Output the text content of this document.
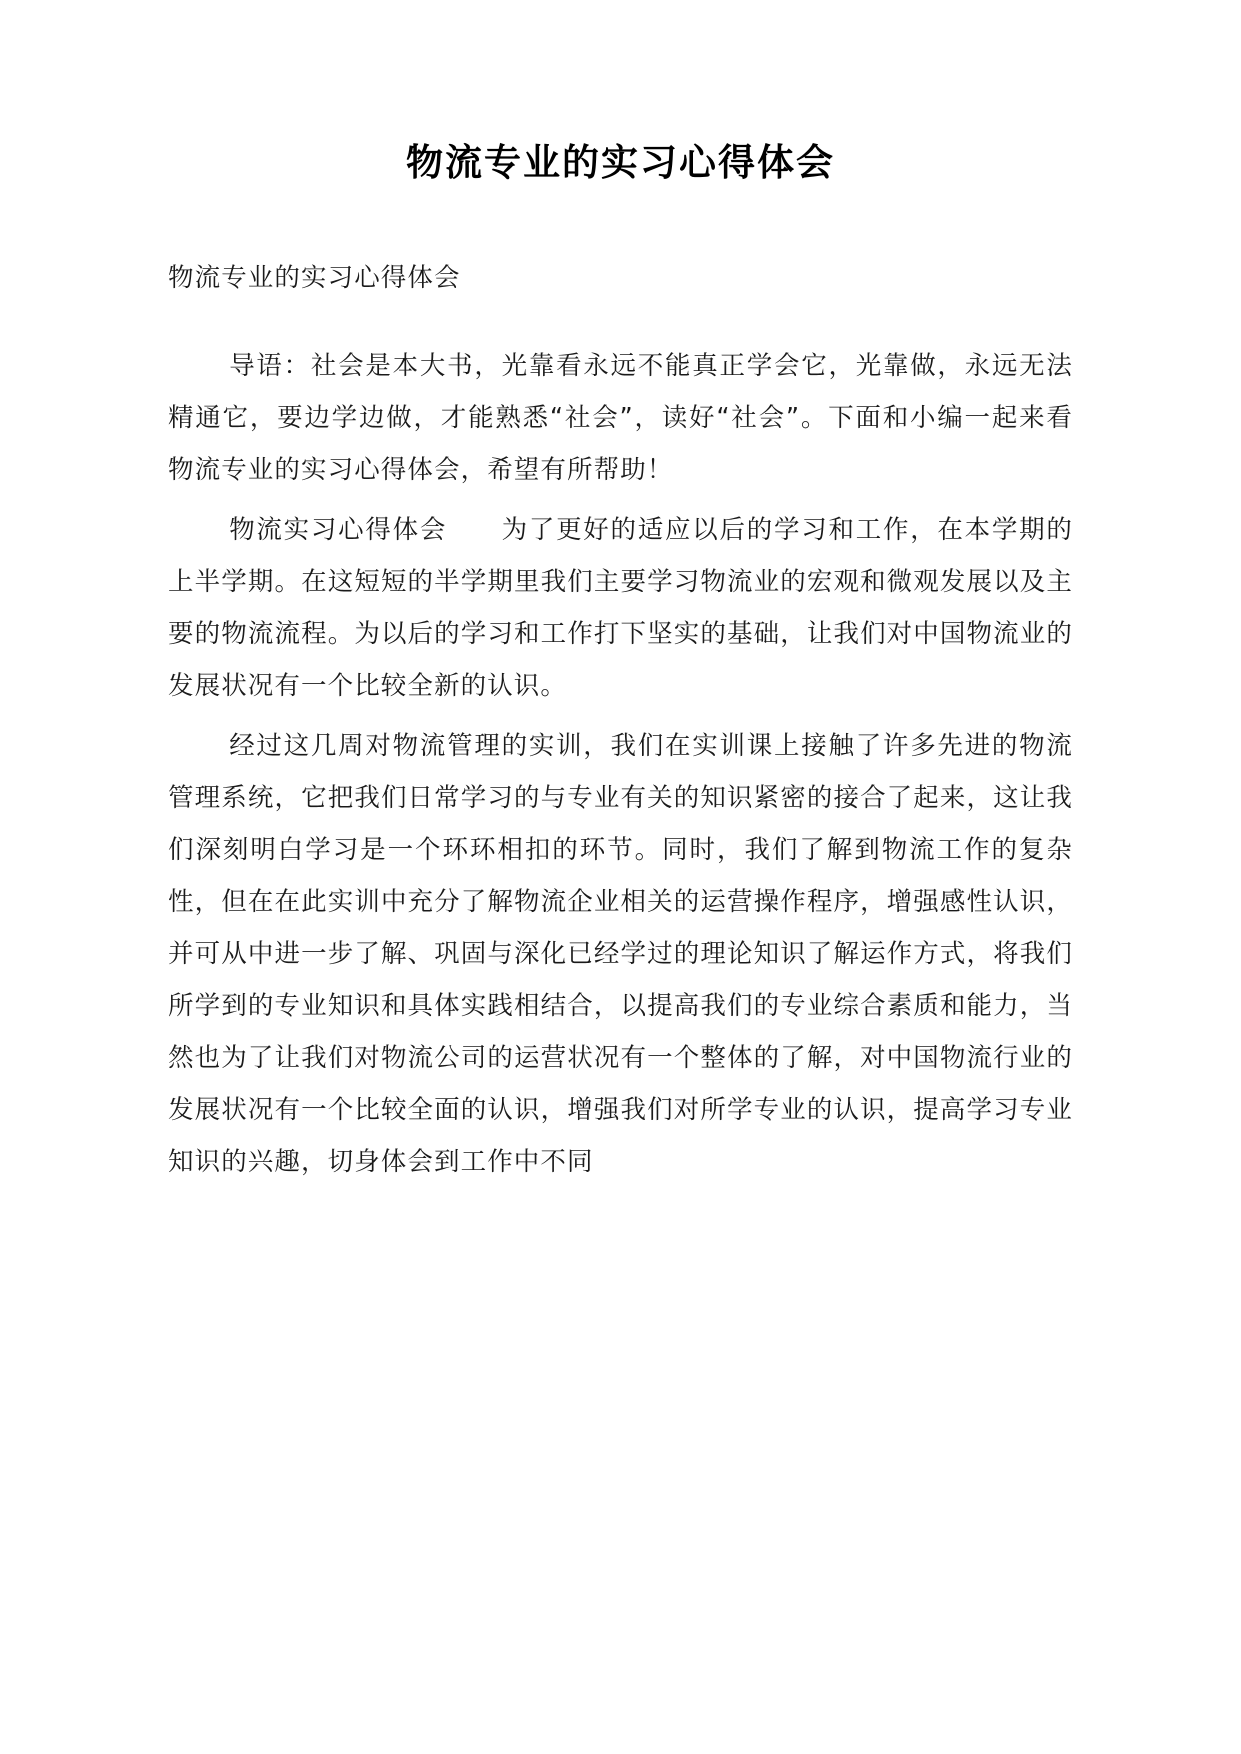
物流专业的实习心得体会

物流专业的实习心得体会

导语：社会是本大书，光靠看永远不能真正学会它，光靠做，永远无法精通它，要边学边做，才能熟悉“社会”，读好“社会”。下面和小编一起来看物流专业的实习心得体会，希望有所帮助！

物流实习心得体会　　为了更好的适应以后的学习和工作，在本学期的上半学期。在这短短的半学期里我们主要学习物流业的宏观和微观发展以及主要的物流流程。为以后的学习和工作打下坚实的基础，让我们对中国物流业的发展状况有一个比较全新的认识。

经过这几周对物流管理的实训，我们在实训课上接触了许多先进的物流管理系统，它把我们日常学习的与专业有关的知识紧密的接合了起来，这让我们深刻明白学习是一个环环相扣的环节。同时，我们了解到物流工作的复杂性，但在在此实训中充分了解物流企业相关的运营操作程序，增强感性认识，并可从中进一步了解、巩固与深化已经学过的理论知识了解运作方式，将我们所学到的专业知识和具体实践相结合，以提高我们的专业综合素质和能力，当然也为了让我们对物流公司的运营状况有一个整体的了解，对中国物流行业的发展状况有一个比较全面的认识，增强我们对所学专业的认识，提高学习专业知识的兴趣，切身体会到工作中不同
